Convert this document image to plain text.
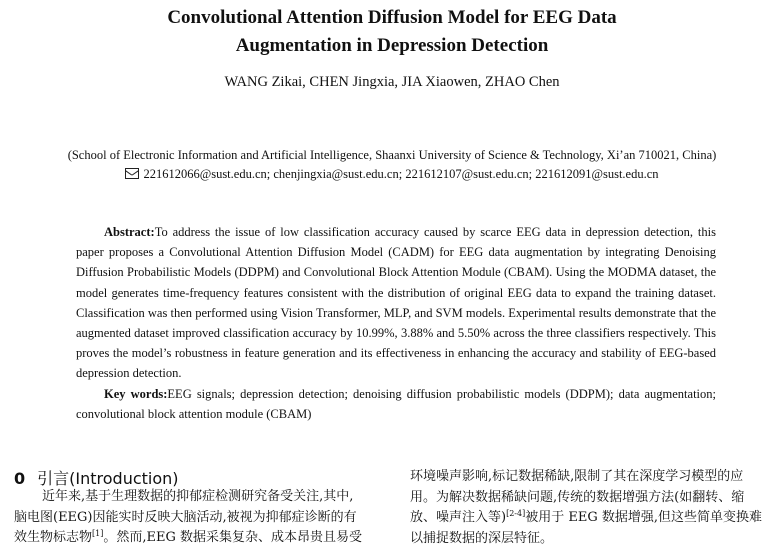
Convolutional Attention Diffusion Model for EEG Data
Augmentation in Depression Detection
WANG Zikai, CHEN Jingxia, JIA Xiaowen, ZHAO Chen
(School of Electronic Information and Artificial Intelligence, Shaanxi University of Science & Technology, Xi’an 710021, China)
221612066@sust.edu.cn; chenjingxia@sust.edu.cn; 221612107@sust.edu.cn; 221612091@sust.edu.cn

Abstract:To address the issue of low classification accuracy caused by scarce EEG data in depression detection, this paper proposes a Convolutional Attention Diffusion Model (CADM) for EEG data augmentation by integrating Denoising Diffusion Probabilistic Models (DDPM) and Convolutional Block Attention Module (CBAM). Using the MODMA dataset, the model generates time-frequency features consistent with the distribution of original EEG data to expand the training dataset. Classification was then performed using Vision Transformer, MLP, and SVM models. Experimental results demonstrate that the augmented dataset improved classification accuracy by 10.99%, 3.88% and 5.50% across the three classifiers respectively. This proves the model’s robustness in feature generation and its effectiveness in enhancing the accuracy and stability of EEG-based depression detection.

Key words:EEG signals; depression detection; denoising diffusion probabilistic models (DDPM); data augmentation; convolutional block attention module (CBAM)

0 引言(Introduction)
近年来,基于生理数据的抑郁症检测研究备受关注,其中,
脑电图(EEG)因能实时反映大脑活动,被视为抑郁症诊断的有
效生物标志物[1]。然而,EEG 数据采集复杂、成本昂贵且易受
环境噪声影响,标记数据稀缺,限制了其在深度学习模型的应
用。为解决数据稀缺问题,传统的数据增强方法(如翻转、缩
放、噪声注入等)[2-4]被用于 EEG 数据增强,但这些简单变换难
以捕捉数据的深层特征。
